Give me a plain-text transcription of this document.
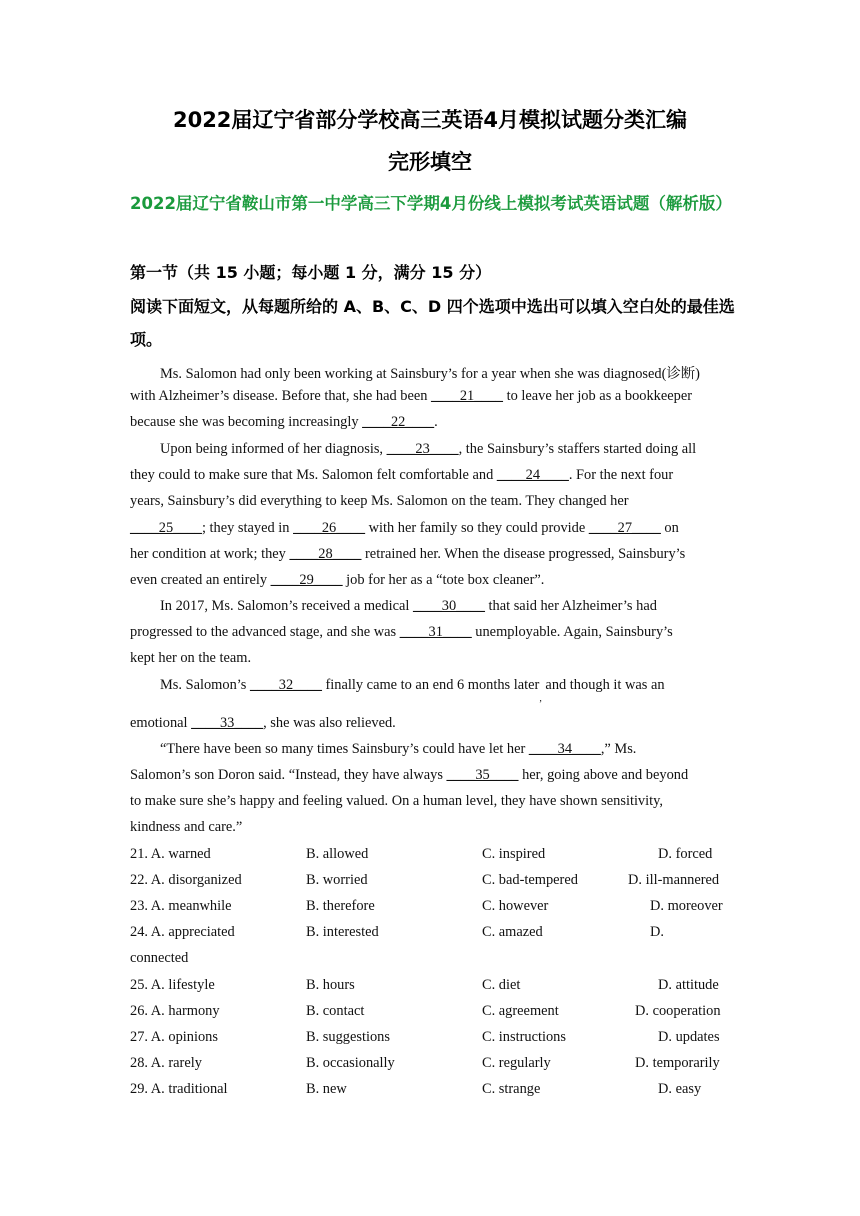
2022届辽宁省部分学校高三英语4月模拟试题分类汇编
完形填空
2022届辽宁省鞍山市第一中学高三下学期4月份线上模拟考试英语试题（解析版）
第一节（共 15 小题；每小题 1 分，满分 15 分）
阅读下面短文，从每题所给的 A、B、C、D 四个选项中选出可以填入空白处的最佳选项。
Ms. Salomon had only been working at Sainsbury’s for a year when she was diagnosed(诊断)
with Alzheimer’s disease. Before that, she had been ____21____ to leave her job as a bookkeeper
because she was becoming increasingly ____22____.
Upon being informed of her diagnosis, ____23____, the Sainsbury’s staffers started doing all
they could to make sure that Ms. Salomon felt comfortable and ____24____. For the next four
years, Sainsbury’s did everything to keep Ms. Salomon on the team. They changed her
____25____; they stayed in ____26____ with her family so they could provide ____27____ on
her condition at work; they ____28____ retrained her. When the disease progressed, Sainsbury’s
even created an entirely ____29____ job for her as a “tote box cleaner”.
In 2017, Ms. Salomon’s received a medical ____30____ that said her Alzheimer’s had
progressed to the advanced stage, and she was ____31____ unemployable. Again, Sainsbury’s
kept her on the team.
Ms. Salomon’s ____32____ finally came to an end 6 months later$_,$ and though it was an
emotional ____33____, she was also relieved.
“There have been so many times Sainsbury’s could have let her ____34____,” Ms.
Salomon’s son Doron said. “Instead, they have always ____35____ her, going above and beyond
to make sure she’s happy and feeling valued. On a human level, they have shown sensitivity,
kindness and care.”
21. A. warned	B. allowed	C. inspired	D. forced
22. A. disorganized	B. worried	C. bad-tempered	D. ill-mannered
23. A. meanwhile	B. therefore	C. however	D. moreover
24. A. appreciated	B. interested	C. amazed	D.
connected
25. A. lifestyle	B. hours	C. diet	D. attitude
26. A. harmony	B. contact	C. agreement	D. cooperation
27. A. opinions	B. suggestions	C. instructions	D. updates
28. A. rarely	B. occasionally	C. regularly	D. temporarily
29. A. traditional	B. new	C. strange	D. easy
